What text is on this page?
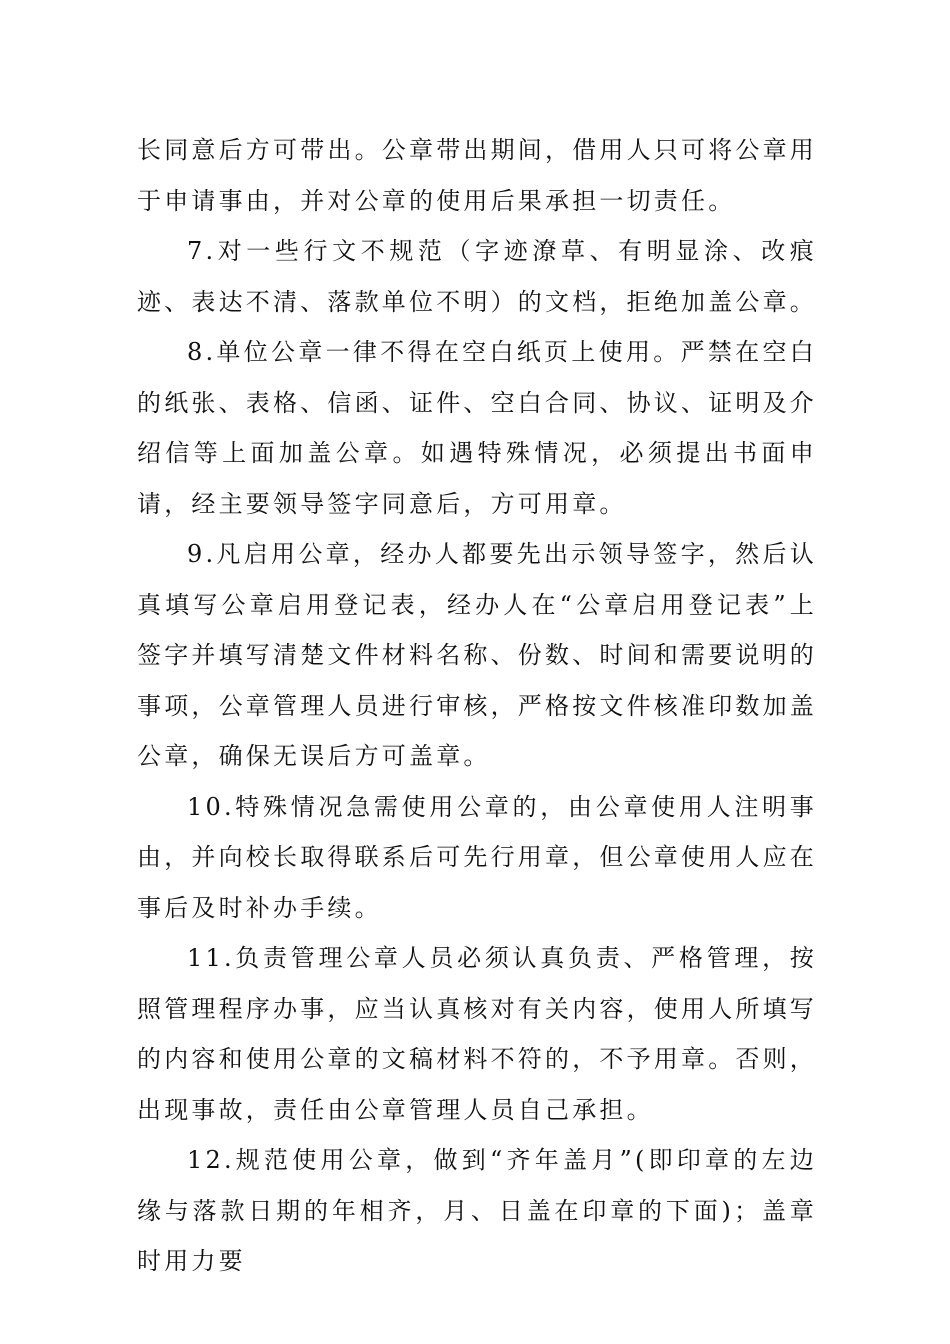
长同意后方可带出。公章带出期间，借用人只可将公章用于申请事由，并对公章的使用后果承担一切责任。

7.对一些行文不规范（字迹潦草、有明显涂、改痕迹、表达不清、落款单位不明）的文档，拒绝加盖公章。

8.单位公章一律不得在空白纸页上使用。严禁在空白的纸张、表格、信函、证件、空白合同、协议、证明及介绍信等上面加盖公章。如遇特殊情况，必须提出书面申请，经主要领导签字同意后，方可用章。

9.凡启用公章，经办人都要先出示领导签字，然后认真填写公章启用登记表，经办人在“公章启用登记表”上签字并填写清楚文件材料名称、份数、时间和需要说明的事项，公章管理人员进行审核，严格按文件核准印数加盖公章，确保无误后方可盖章。

10.特殊情况急需使用公章的，由公章使用人注明事由，并向校长取得联系后可先行用章，但公章使用人应在事后及时补办手续。

11.负责管理公章人员必须认真负责、严格管理，按照管理程序办事，应当认真核对有关内容，使用人所填写的内容和使用公章的文稿材料不符的，不予用章。否则，出现事故，责任由公章管理人员自己承担。

12.规范使用公章，做到“齐年盖月”(即印章的左边缘与落款日期的年相齐，月、日盖在印章的下面)；盖章时用力要
